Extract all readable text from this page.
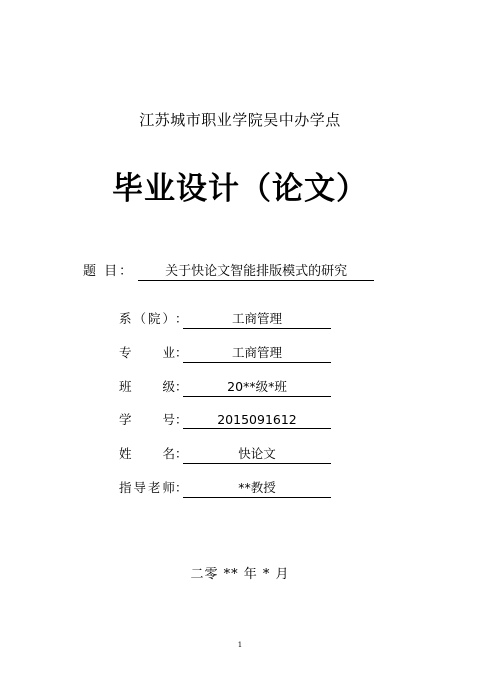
江苏城市职业学院吴中办学点
毕业设计（论文）
题 目：	关于快论文智能排版模式的研究
系（院） ：	工商管理
专 业 ：	工商管理
班 级 ：	20**级*班
学 号 ：	2015091612
姓 名 ：	快论文
指导老师 ：	**教授
二零 ** 年 * 月
1
